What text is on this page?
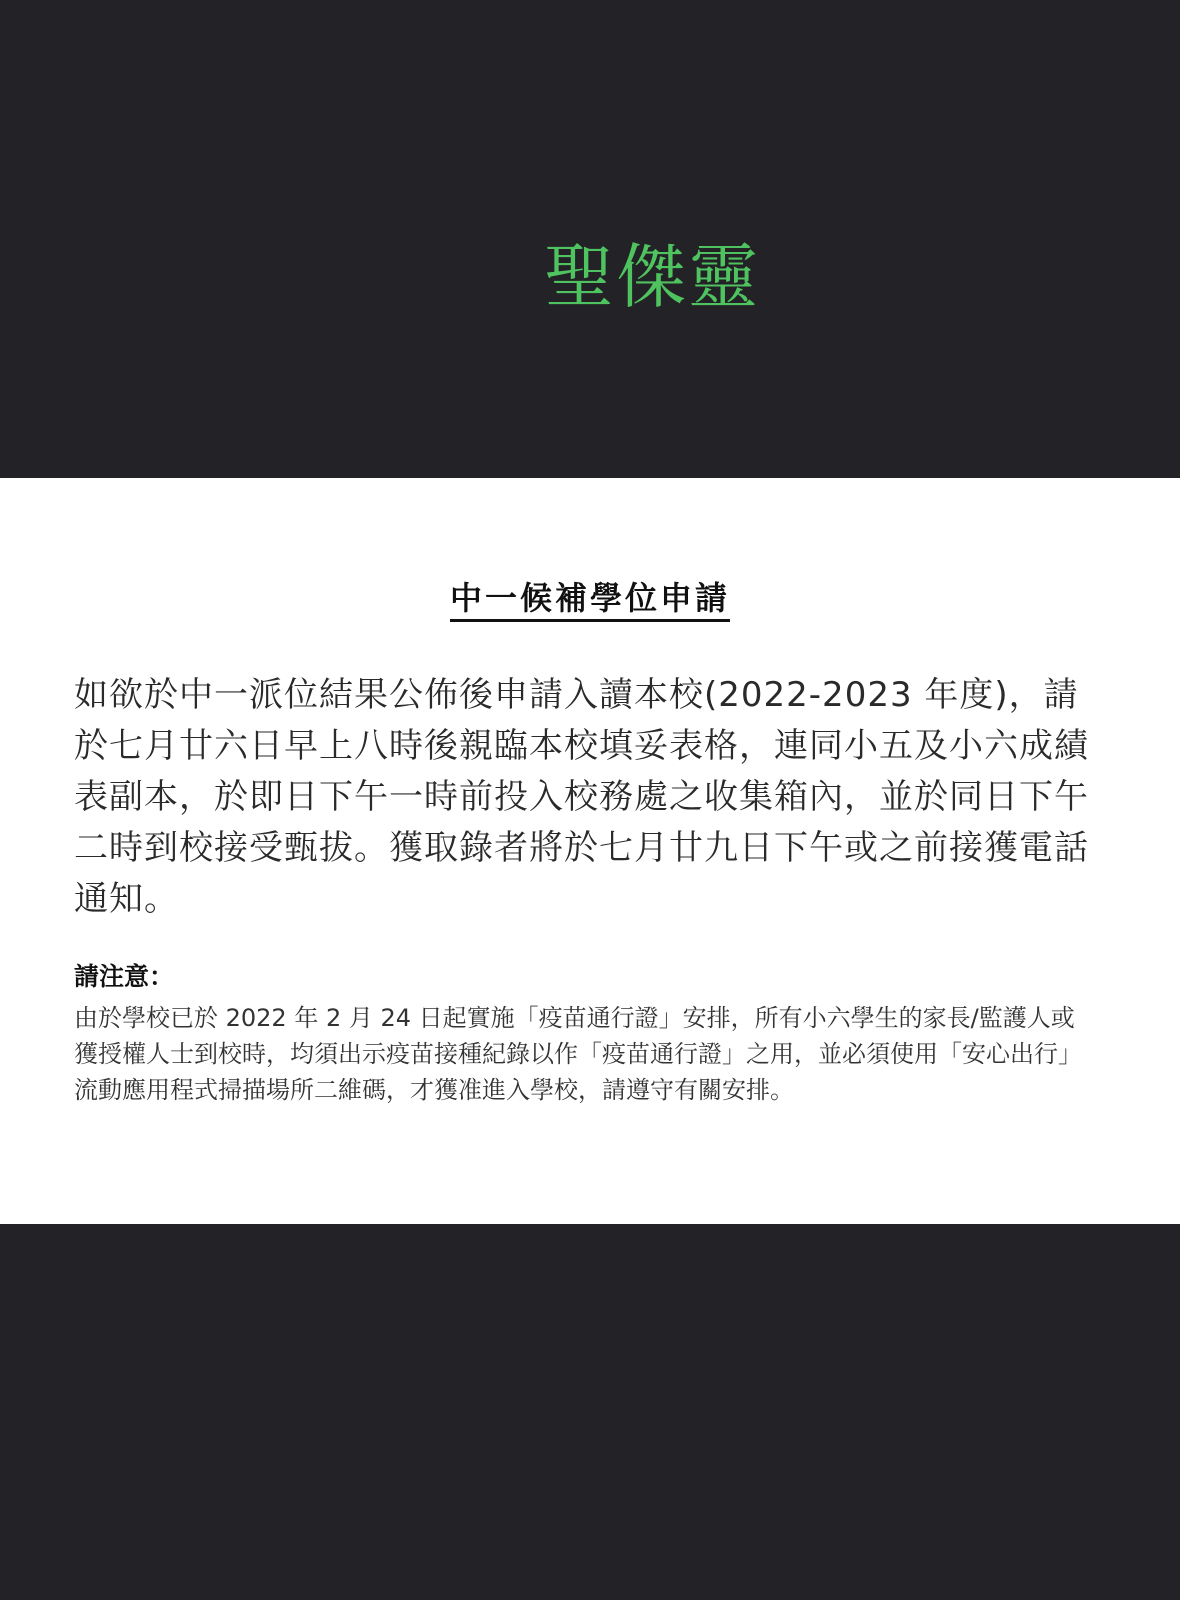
聖傑靈
中一候補學位申請

如欲於中一派位結果公佈後申請入讀本校(2022-2023 年度)，請於七月廿六日早上八時後親臨本校填妥表格，連同小五及小六成績表副本，於即日下午一時前投入校務處之收集箱內，並於同日下午二時到校接受甄拔。獲取錄者將於七月廿九日下午或之前接獲電話通知。

請注意：

由於學校已於 2022 年 2 月 24 日起實施「疫苗通行證」安排，所有小六學生的家長/監護人或獲授權人士到校時，均須出示疫苗接種紀錄以作「疫苗通行證」之用，並必須使用「安心出行」流動應用程式掃描場所二維碼，才獲准進入學校，請遵守有關安排。
